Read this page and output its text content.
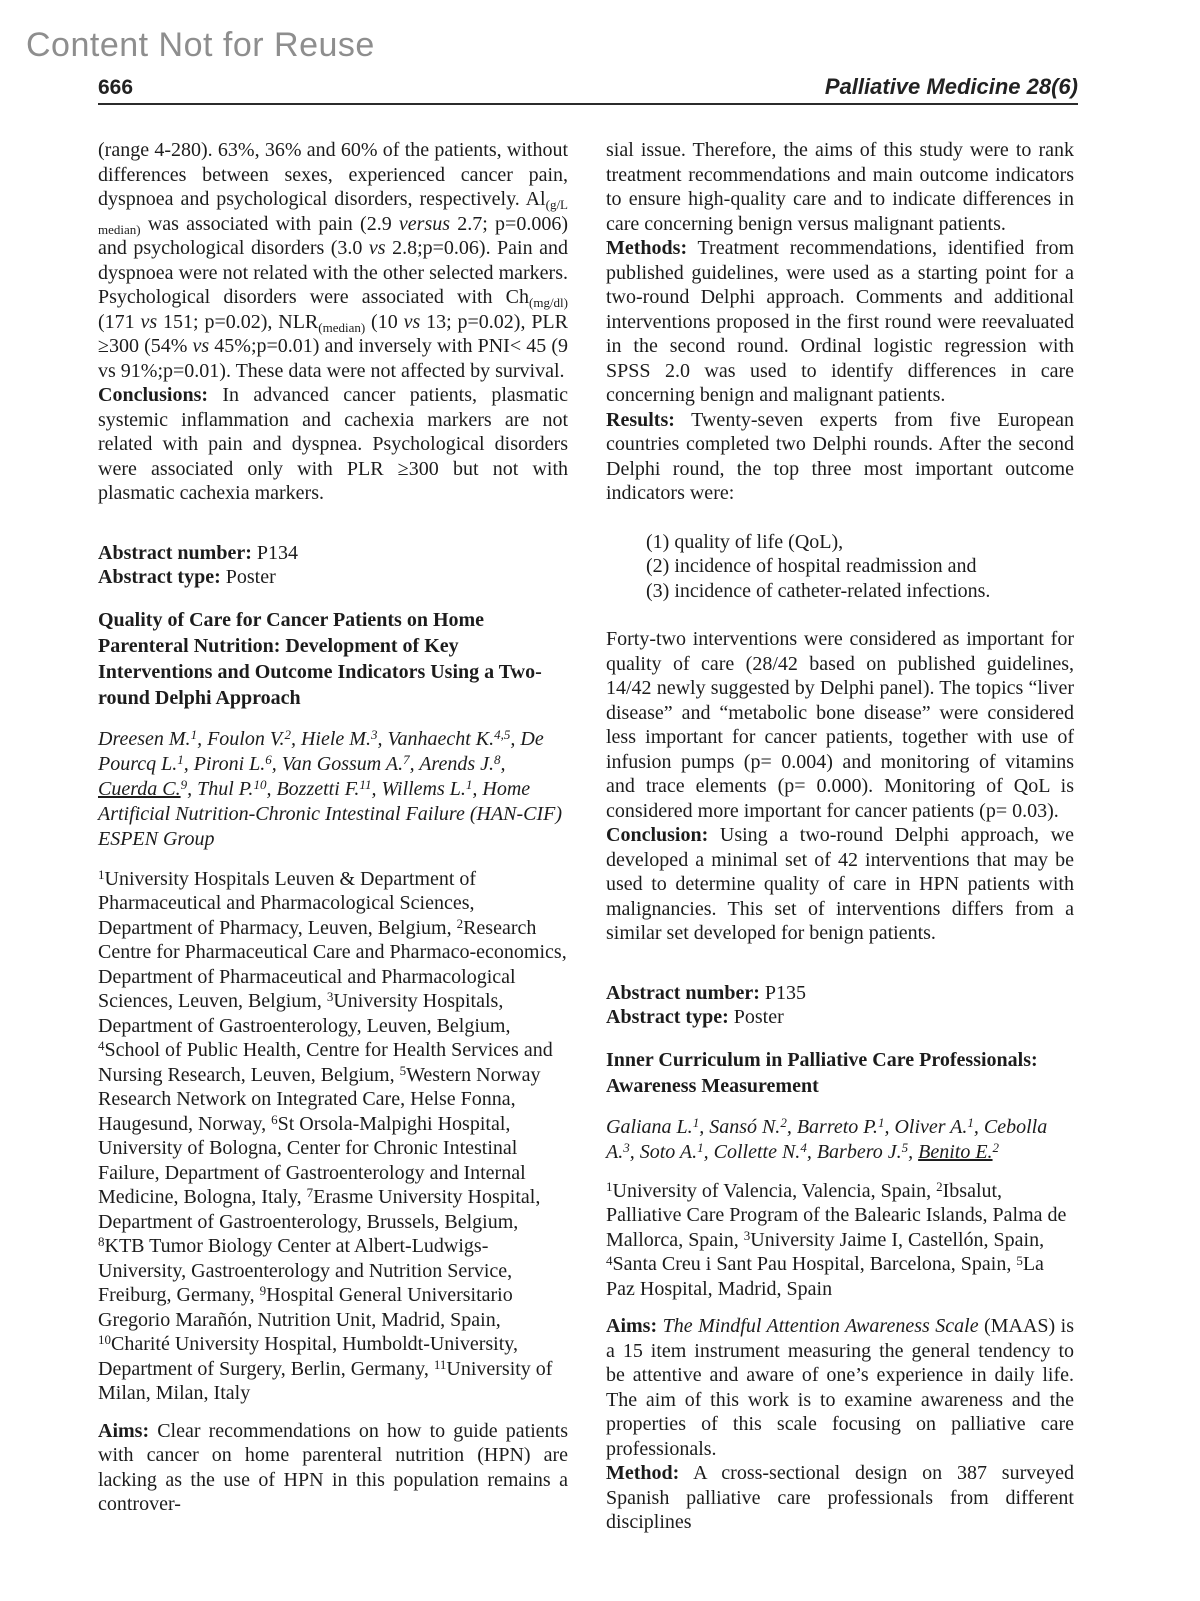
Content Not for Reuse
666	Palliative Medicine 28(6)
(range 4-280). 63%, 36% and 60% of the patients, without differences between sexes, experienced cancer pain, dyspnoea and psychological disorders, respectively. $Al_{(g/L median)}$ was associated with pain (2.9 versus 2.7; p=0.006) and psychological disorders (3.0 vs 2.8;p=0.06). Pain and dyspnoea were not related with the other selected markers. Psychological disorders were associated with $Ch_{(mg/dl)}$ (171 vs 151; p=0.02), $NLR_{(median)}$ (10 vs 13; p=0.02), PLR ≥300 (54% vs 45%;p=0.01) and inversely with PNI< 45 (9 vs 91%;p=0.01). These data were not affected by survival.
Conclusions: In advanced cancer patients, plasmatic systemic inflammation and cachexia markers are not related with pain and dyspnea. Psychological disorders were associated only with PLR ≥300 but not with plasmatic cachexia markers.
Abstract number: P134
Abstract type: Poster
Quality of Care for Cancer Patients on Home Parenteral Nutrition: Development of Key Interventions and Outcome Indicators Using a Two-round Delphi Approach
Dreesen M.$^1$, Foulon V.$^2$, Hiele M.$^3$, Vanhaecht K.$^{4,5}$, De Pourcq L.$^1$, Pironi L.$^6$, Van Gossum A.$^7$, Arends J.$^8$, Cuerda C.$^9$, Thul P.$^{10}$, Bozzetti F.$^{11}$, Willems L.$^1$, Home Artificial Nutrition-Chronic Intestinal Failure (HAN-CIF) ESPEN Group
$^1$University Hospitals Leuven & Department of Pharmaceutical and Pharmacological Sciences, Department of Pharmacy, Leuven, Belgium, $^2$Research Centre for Pharmaceutical Care and Pharmaco-economics, Department of Pharmaceutical and Pharmacological Sciences, Leuven, Belgium, $^3$University Hospitals, Department of Gastroenterology, Leuven, Belgium, $^4$School of Public Health, Centre for Health Services and Nursing Research, Leuven, Belgium, $^5$Western Norway Research Network on Integrated Care, Helse Fonna, Haugesund, Norway, $^6$St Orsola-Malpighi Hospital, University of Bologna, Center for Chronic Intestinal Failure, Department of Gastroenterology and Internal Medicine, Bologna, Italy, $^7$Erasme University Hospital, Department of Gastroenterology, Brussels, Belgium, $^8$KTB Tumor Biology Center at Albert-Ludwigs-University, Gastroenterology and Nutrition Service, Freiburg, Germany, $^9$Hospital General Universitario Gregorio Marañón, Nutrition Unit, Madrid, Spain, $^{10}$Charité University Hospital, Humboldt-University, Department of Surgery, Berlin, Germany, $^{11}$University of Milan, Milan, Italy
Aims: Clear recommendations on how to guide patients with cancer on home parenteral nutrition (HPN) are lacking as the use of HPN in this population remains a controver-
sial issue. Therefore, the aims of this study were to rank treatment recommendations and main outcome indicators to ensure high-quality care and to indicate differences in care concerning benign versus malignant patients.
Methods: Treatment recommendations, identified from published guidelines, were used as a starting point for a two-round Delphi approach. Comments and additional interventions proposed in the first round were reevaluated in the second round. Ordinal logistic regression with SPSS 2.0 was used to identify differences in care concerning benign and malignant patients.
Results: Twenty-seven experts from five European countries completed two Delphi rounds. After the second Delphi round, the top three most important outcome indicators were:
(1) quality of life (QoL),
(2) incidence of hospital readmission and
(3) incidence of catheter-related infections.
Forty-two interventions were considered as important for quality of care (28/42 based on published guidelines, 14/42 newly suggested by Delphi panel). The topics “liver disease” and “metabolic bone disease” were considered less important for cancer patients, together with use of infusion pumps (p= 0.004) and monitoring of vitamins and trace elements (p= 0.000). Monitoring of QoL is considered more important for cancer patients (p= 0.03).
Conclusion: Using a two-round Delphi approach, we developed a minimal set of 42 interventions that may be used to determine quality of care in HPN patients with malignancies. This set of interventions differs from a similar set developed for benign patients.
Abstract number: P135
Abstract type: Poster
Inner Curriculum in Palliative Care Professionals: Awareness Measurement
Galiana L.$^1$, Sansó N.$^2$, Barreto P.$^1$, Oliver A.$^1$, Cebolla A.$^3$, Soto A.$^1$, Collette N.$^4$, Barbero J.$^5$, Benito E.$^2$
$^1$University of Valencia, Valencia, Spain, $^2$Ibsalut, Palliative Care Program of the Balearic Islands, Palma de Mallorca, Spain, $^3$University Jaime I, Castellón, Spain, $^4$Santa Creu i Sant Pau Hospital, Barcelona, Spain, $^5$La Paz Hospital, Madrid, Spain
Aims: The Mindful Attention Awareness Scale (MAAS) is a 15 item instrument measuring the general tendency to be attentive and aware of one’s experience in daily life. The aim of this work is to examine awareness and the properties of this scale focusing on palliative care professionals.
Method: A cross-sectional design on 387 surveyed Spanish palliative care professionals from different disciplines
